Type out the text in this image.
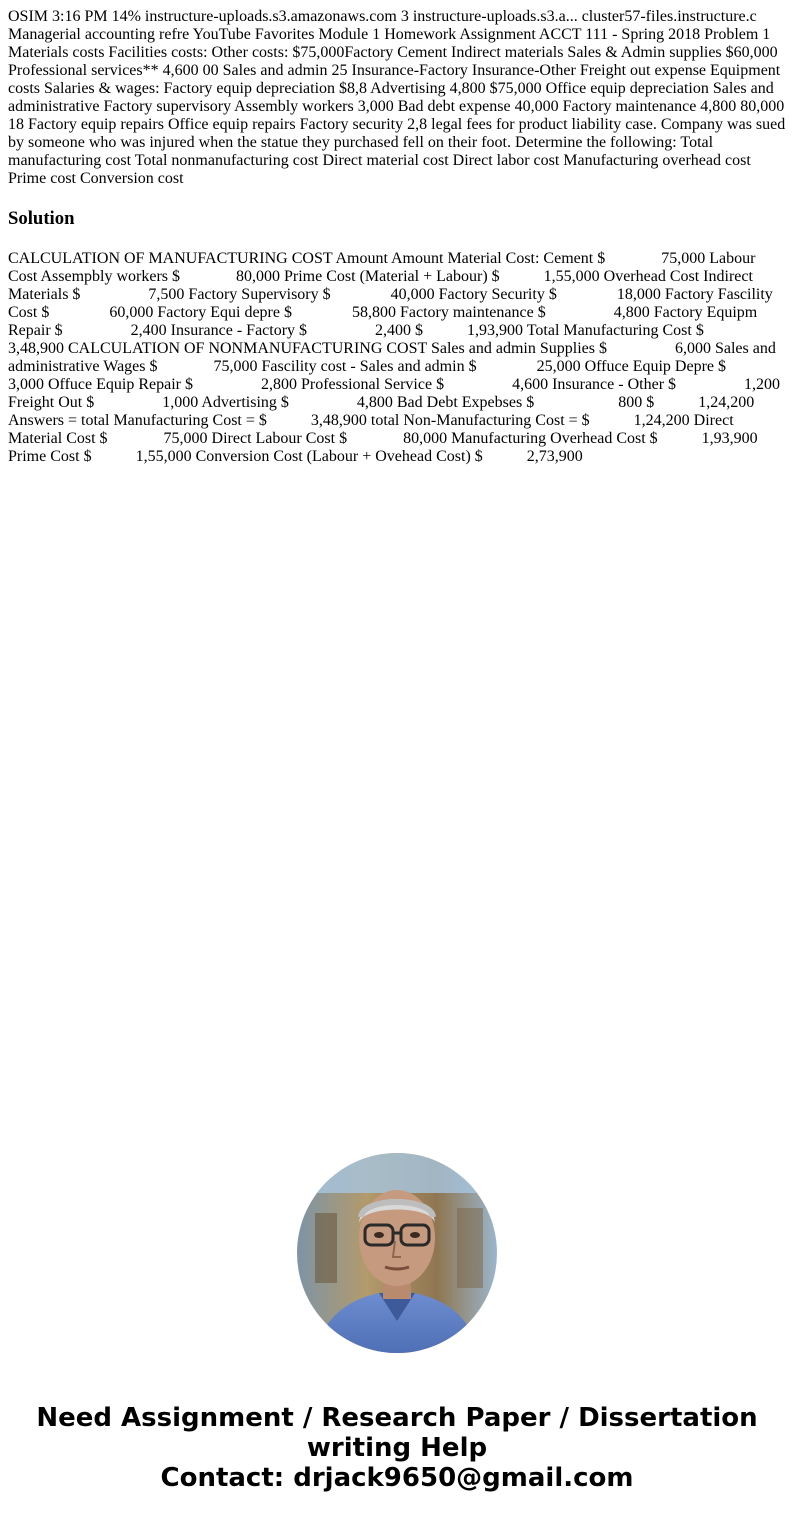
OSIM 3:16 PM 14% instructure-uploads.s3.amazonaws.com 3 instructure-uploads.s3.a... cluster57-files.instructure.c Managerial accounting refre YouTube Favorites Module 1 Homework Assignment ACCT 111 - Spring 2018 Problem 1 Materials costs Facilities costs: Other costs: $75,000Factory Cement Indirect materials Sales & Admin supplies $60,000 Professional services** 4,600 00 Sales and admin 25 Insurance-Factory Insurance-Other Freight out expense Equipment costs Salaries & wages: Factory equip depreciation $8,8 Advertising 4,800 $75,000 Office equip depreciation Sales and administrative Factory supervisory Assembly workers 3,000 Bad debt expense 40,000 Factory maintenance 4,800 80,000 18 Factory equip repairs Office equip repairs Factory security 2,8 legal fees for product liability case. Company was sued by someone who was injured when the statue they purchased fell on their foot. Determine the following: Total manufacturing cost Total nonmanufacturing cost Direct material cost Direct labor cost Manufacturing overhead cost Prime cost Conversion cost

Solution

CALCULATION OF MANUFACTURING COST Amount Amount Material Cost: Cement $              75,000 Labour Cost Assempbly workers $              80,000 Prime Cost (Material + Labour) $           1,55,000 Overhead Cost Indirect Materials $                 7,500 Factory Supervisory $               40,000 Factory Security $               18,000 Factory Fascility Cost $               60,000 Factory Equi depre $               58,800 Factory maintenance $                 4,800 Factory Equipm Repair $                 2,400 Insurance - Factory $                 2,400 $           1,93,900 Total Manufacturing Cost $           3,48,900 CALCULATION OF NONMANUFACTURING COST Sales and admin Supplies $                 6,000 Sales and administrative Wages $              75,000 Fascility cost - Sales and admin $               25,000 Offuce Equip Depre $                 3,000 Offuce Equip Repair $                 2,800 Professional Service $                 4,600 Insurance - Other $                 1,200 Freight Out $                 1,000 Advertising $                 4,800 Bad Debt Expebses $                     800 $           1,24,200 Answers = total Manufacturing Cost = $           3,48,900 total Non-Manufacturing Cost = $           1,24,200 Direct Material Cost $              75,000 Direct Labour Cost $              80,000 Manufacturing Overhead Cost $           1,93,900 Prime Cost $           1,55,000 Conversion Cost (Labour + Ovehead Cost) $           2,73,900

Need Assignment / Research Paper / Dissertation
writing Help
Contact: drjack9650@gmail.com
